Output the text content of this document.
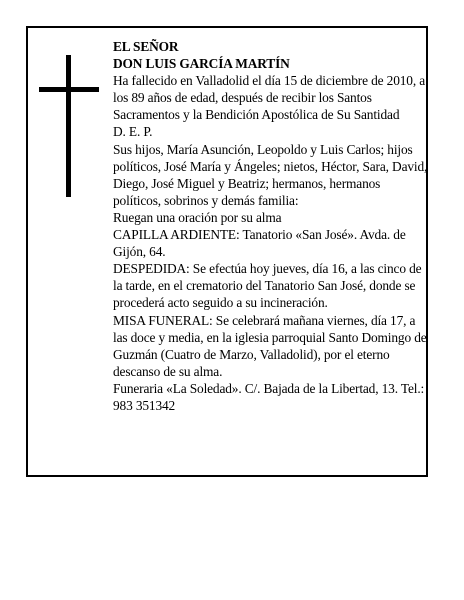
EL SEÑOR

DON LUIS GARCÍA MARTÍN

Ha fallecido en Valladolid el día 15 de diciembre de 2010, a los 89 años de edad, después de recibir los Santos Sacramentos y la Bendición Apostólica de Su Santidad

D. E. P.

Sus hijos, María Asunción, Leopoldo y Luis Carlos; hijos políticos, José María y Ángeles; nietos, Héctor, Sara, David, Diego, José Miguel y Beatriz; hermanos, hermanos políticos, sobrinos y demás familia:

Ruegan una oración por su alma

CAPILLA ARDIENTE: Tanatorio «San José». Avda. de Gijón, 64.

DESPEDIDA: Se efectúa hoy jueves, día 16, a las cinco de la tarde, en el crematorio del Tanatorio San José, donde se procederá acto seguido a su incineración.

MISA FUNERAL: Se celebrará mañana viernes, día 17, a las doce y media, en la iglesia parroquial Santo Domingo de Guzmán (Cuatro de Marzo, Valladolid), por el eterno descanso de su alma.

Funeraria «La Soledad». C/. Bajada de la Libertad, 13. Tel.: 983 351342
